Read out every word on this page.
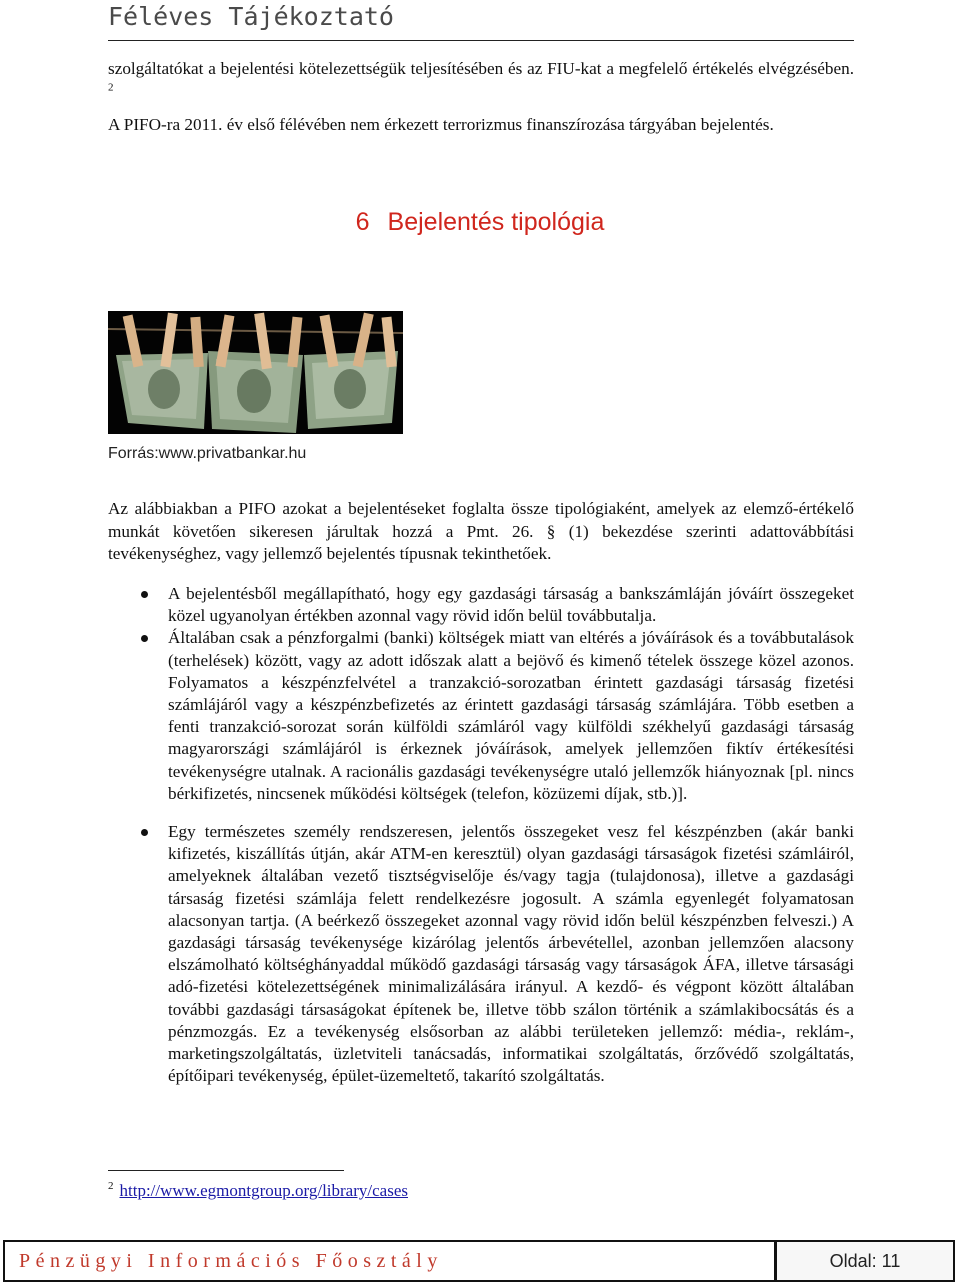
Féléves Tájékoztató
szolgáltatókat a bejelentési kötelezettségük teljesítésében és az FIU-kat a megfelelő értékelés elvégzésében. $^2$
A PIFO-ra 2011. év első félévében nem érkezett terrorizmus finanszírozása tárgyában bejelentés.
6 Bejelentés tipológia
Forrás:www.privatbankar.hu
Az alábbiakban a PIFO azokat a bejelentéseket foglalta össze tipológiaként, amelyek az elemző-értékelő munkát követően sikeresen járultak hozzá a Pmt. 26. § (1) bekezdése szerinti adattovábbítási tevékenységhez, vagy jellemző bejelentés típusnak tekinthetőek.
A bejelentésből megállapítható, hogy egy gazdasági társaság a bankszámláján jóváírt összegeket közel ugyanolyan értékben azonnal vagy rövid időn belül továbbutalja.
Általában csak a pénzforgalmi (banki) költségek miatt van eltérés a jóváírások és a továbbutalások (terhelések) között, vagy az adott időszak alatt a bejövő és kimenő tételek összege közel azonos. Folyamatos a készpénzfelvétel a tranzakció-sorozatban érintett gazdasági társaság fizetési számlájáról vagy a készpénzbefizetés az érintett gazdasági társaság számlájára. Több esetben a fenti tranzakció-sorozat során külföldi számláról vagy külföldi székhelyű gazdasági társaság magyarországi számlájáról is érkeznek jóváírások, amelyek jellemzően fiktív értékesítési tevékenységre utalnak. A racionális gazdasági tevékenységre utaló jellemzők hiányoznak [pl. nincs bérkifizetés, nincsenek működési költségek (telefon, közüzemi díjak, stb.)].
Egy természetes személy rendszeresen, jelentős összegeket vesz fel készpénzben (akár banki kifizetés, kiszállítás útján, akár ATM-en keresztül) olyan gazdasági társaságok fizetési számláiról, amelyeknek általában vezető tisztségviselője és/vagy tagja (tulajdonosa), illetve a gazdasági társaság fizetési számlája felett rendelkezésre jogosult. A számla egyenlegét folyamatosan alacsonyan tartja. (A beérkező összegeket azonnal vagy rövid időn belül készpénzben felveszi.) A gazdasági társaság tevékenysége kizárólag jelentős árbevétellel, azonban jellemzően alacsony elszámolható költséghányaddal működő gazdasági társaság vagy társaságok ÁFA, illetve társasági adó-fizetési kötelezettségének minimalizálására irányul. A kezdő- és végpont között általában további gazdasági társaságokat építenek be, illetve több szálon történik a számlakibocsátás és a pénzmozgás. Ez a tevékenység elsősorban az alábbi területeken jellemző: média-, reklám-, marketingszolgáltatás, üzletviteli tanácsadás, informatikai szolgáltatás, őrzővédő szolgáltatás, építőipari tevékenység, épület-üzemeltető, takarító szolgáltatás.
$^2$ http://www.egmontgroup.org/library/cases
Pénzügyi Információs Főosztály	Oldal: 11
